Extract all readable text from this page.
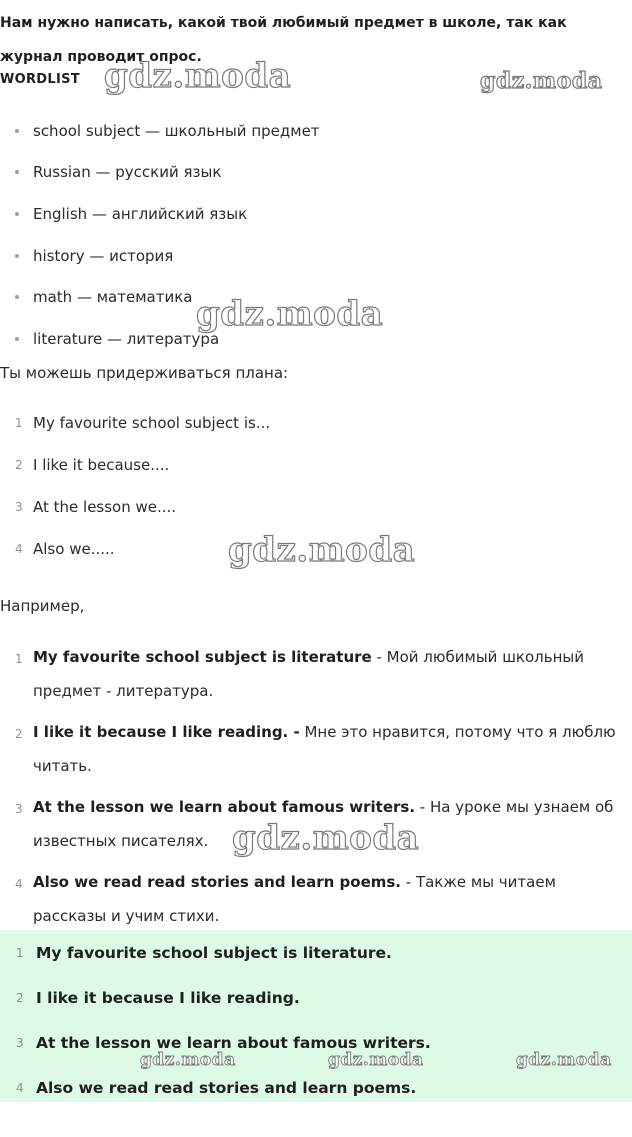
Нам нужно написать, какой твой любимый предмет в школе, так как журнал проводит опрос.
WORDLIST
school subject — школьный предмет
Russian — русский язык
English — английский язык
history — история
math — математика
literature — литература
Ты можешь придерживаться плана:
1 My favourite school subject is...
2 I like it because....
3 At the lesson we....
4 Also we.....
Например,
1 My favourite school subject is literature - Мой любимый школьный предмет - литература.
2 I like it because I like reading. - Мне это нравится, потому что я люблю читать.
3 At the lesson we learn about famous writers. - На уроке мы узнаем об известных писателях.
4 Also we read read stories and learn poems. - Также мы читаем рассказы и учим стихи.
1 My favourite school subject is literature.
2 I like it because I like reading.
3 At the lesson we learn about famous writers.
4 Also we read read stories and learn poems.
gdz.moda	gdz.moda
gdz.moda
gdz.moda
gdz.moda
gdz.moda	gdz.moda	gdz.moda
